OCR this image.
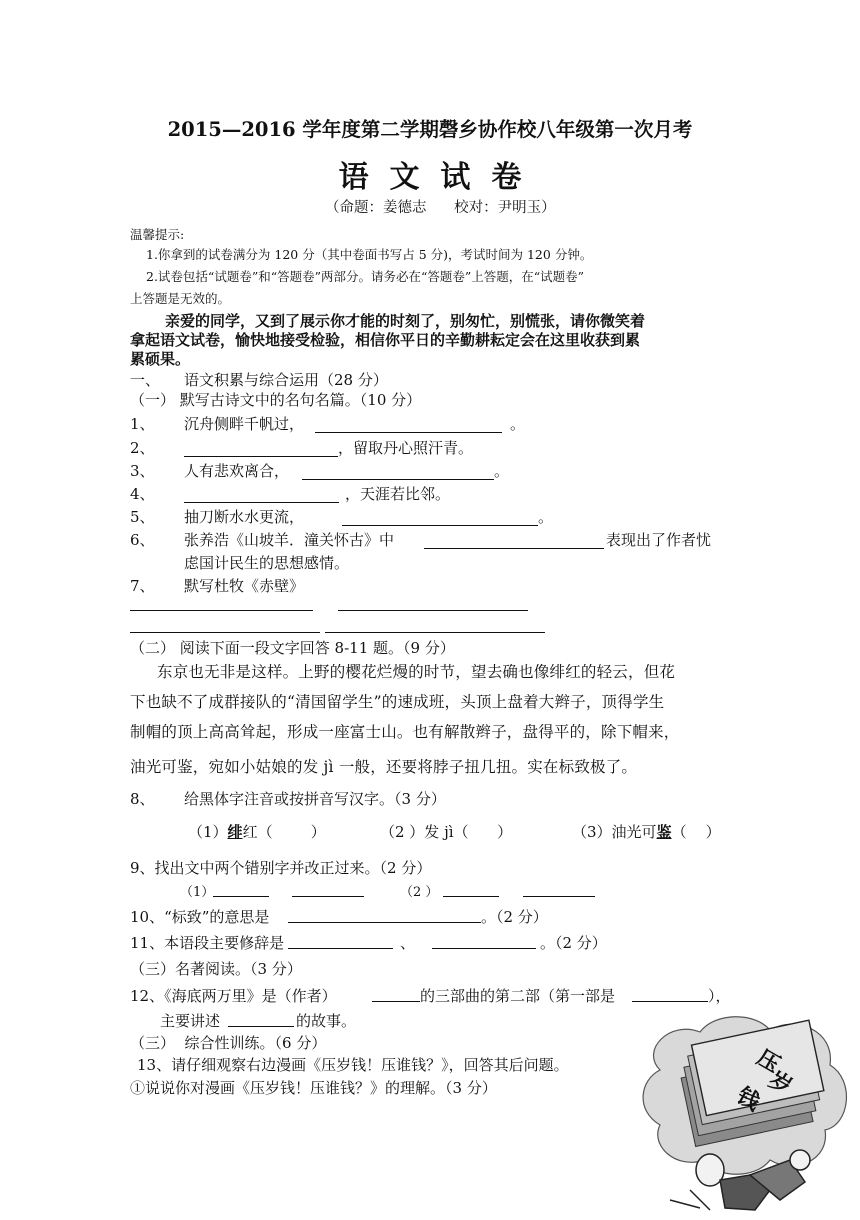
2015—2016 学年度第二学期磬乡协作校八年级第一次月考
语  文  试  卷
（命题：姜德志      校对：尹明玉）
温馨提示:
1.你拿到的试卷满分为 120 分（其中卷面书写占 5 分)，考试时间为 120 分钟。
2.试卷包括“试题卷”和“答题卷”两部分。请务必在“答题卷”上答题，在“试题卷”
上答题是无效的。
亲爱的同学，又到了展示你才能的时刻了，别匆忙，别慌张，请你微笑着
拿起语文试卷，愉快地接受检验，相信你平日的辛勤耕耘定会在这里收获到累
累硕果。
一、 语文积累与综合运用（28 分）
（一） 默写古诗文中的名句名篇。（10 分）
1、 沉舟侧畔千帆过，	。
2、	，留取丹心照汗青。
3、 人有悲欢离合，	。
4、	，天涯若比邻。
5、 抽刀断水水更流，	。
6、 张养浩《山坡羊．潼关怀古》中	表现出了作者忧
虑国计民生的思想感情。
7、 默写杜牧《赤壁》
（二） 阅读下面一段文字回答 8-11 题。（9 分）

东京也无非是这样。上野的樱花烂熳的时节，望去确也像绯红的轻云，但花

下也缺不了成群接队的“清国留学生”的速成班，头顶上盘着大辫子，顶得学生

制帽的顶上高高耸起，形成一座富士山。也有解散辫子，盘得平的，除下帽来，

油光可鉴，宛如小姑娘的发 jì 一般，还要将脖子扭几扭。实在标致极了。

8、 给黑体字注音或按拼音写汉字。（3 分）
（1）绯红（        ）	（2 ）发 jì（      ）	（3）油光可鉴（    ）
9、找出文中两个错别字并改正过来。（2 分）
（1）	（2 ）
10、“标致”的意思是	。（2 分）
11、本语段主要修辞是	、	。（2 分）
（三）名著阅读。（3 分）
12、《海底两万里》是（作者）	的三部曲的第二部（第一部是	），
主要讲述	的故事。
（三）  综合性训练。（6 分）
13、请仔细观察右边漫画《压岁钱！压谁钱？》，回答其后问题。
①说说你对漫画《压岁钱！压谁钱？》的理解。（3 分）
压
岁
钱
